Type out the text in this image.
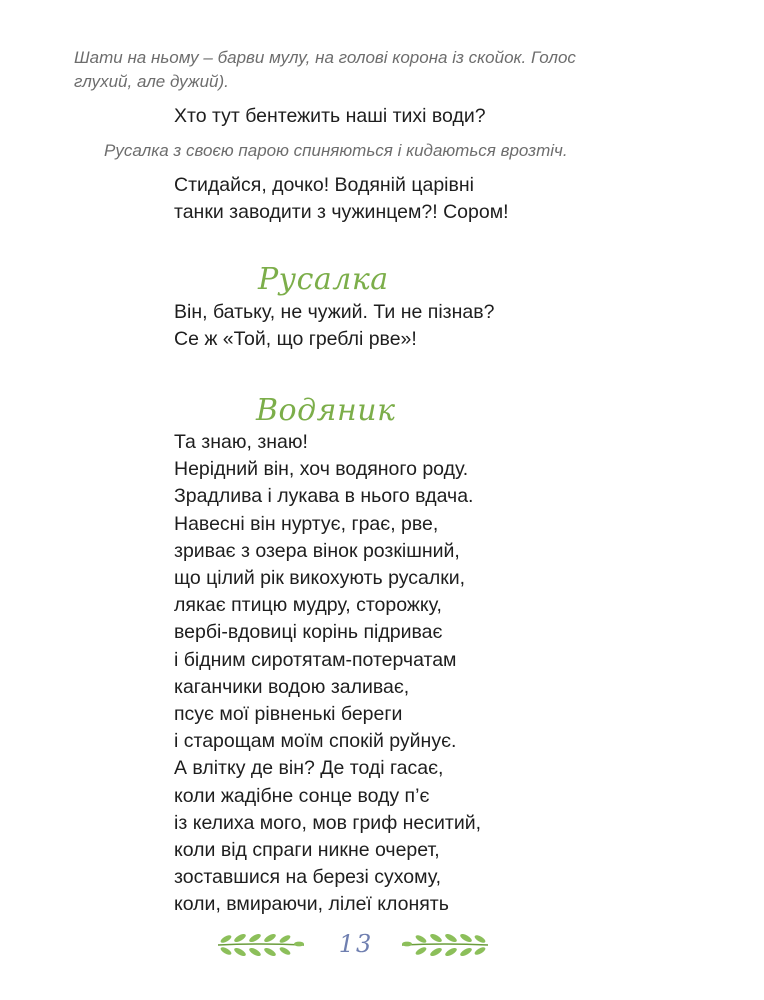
Шати на ньому – барви мулу, на голові корона із скойок. Голос
глухий, але дужий).
Хто тут бентежить наші тихі води?
Русалка з своєю парою спиняються і кидаються врозтіч.
Стидайся, дочко! Водяній царівні
танки заводити з чужинцем?! Сором!
Русалка
Він, батьку, не чужий. Ти не пізнав?
Се ж «Той, що греблі рве»!
Водяник
Та знаю, знаю!
Нерідний він, хоч водяного роду.
Зрадлива і лукава в нього вдача.
Навесні він нуртує, грає, рве,
зриває з озера вінок розкішний,
що цілий рік викохують русалки,
лякає птицю мудру, сторожку,
вербі-вдовиці корінь підриває
і бідним сиротятам-потерчатам
каганчики водою заливає,
псує мої рівненькі береги
і старощам моїм спокій руйнує.
А влітку де він? Де тоді гасає,
коли жадібне сонце воду п’є
із келиха мого, мов гриф неситий,
коли від спраги никне очерет,
зоставшися на березі сухому,
коли, вмираючи, лілеї клонять
13
